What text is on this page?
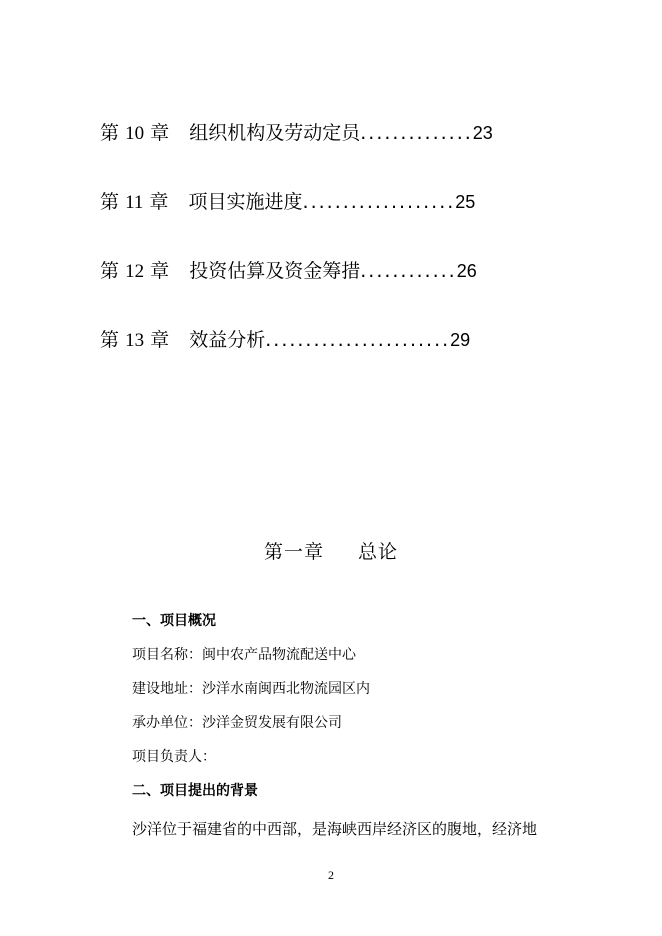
第 10 章 组织机构及劳动定员..............23
第 11 章 项目实施进度...................25
第 12 章 投资估算及资金筹措............26
第 13 章 效益分析.......................29
第一章 总论
一、项目概况
项目名称：闽中农产品物流配送中心
建设地址：沙洋水南闽西北物流园区内
承办单位：沙洋金贸发展有限公司
项目负责人：
二、项目提出的背景
沙洋位于福建省的中西部，是海峡西岸经济区的腹地，经济地
2
